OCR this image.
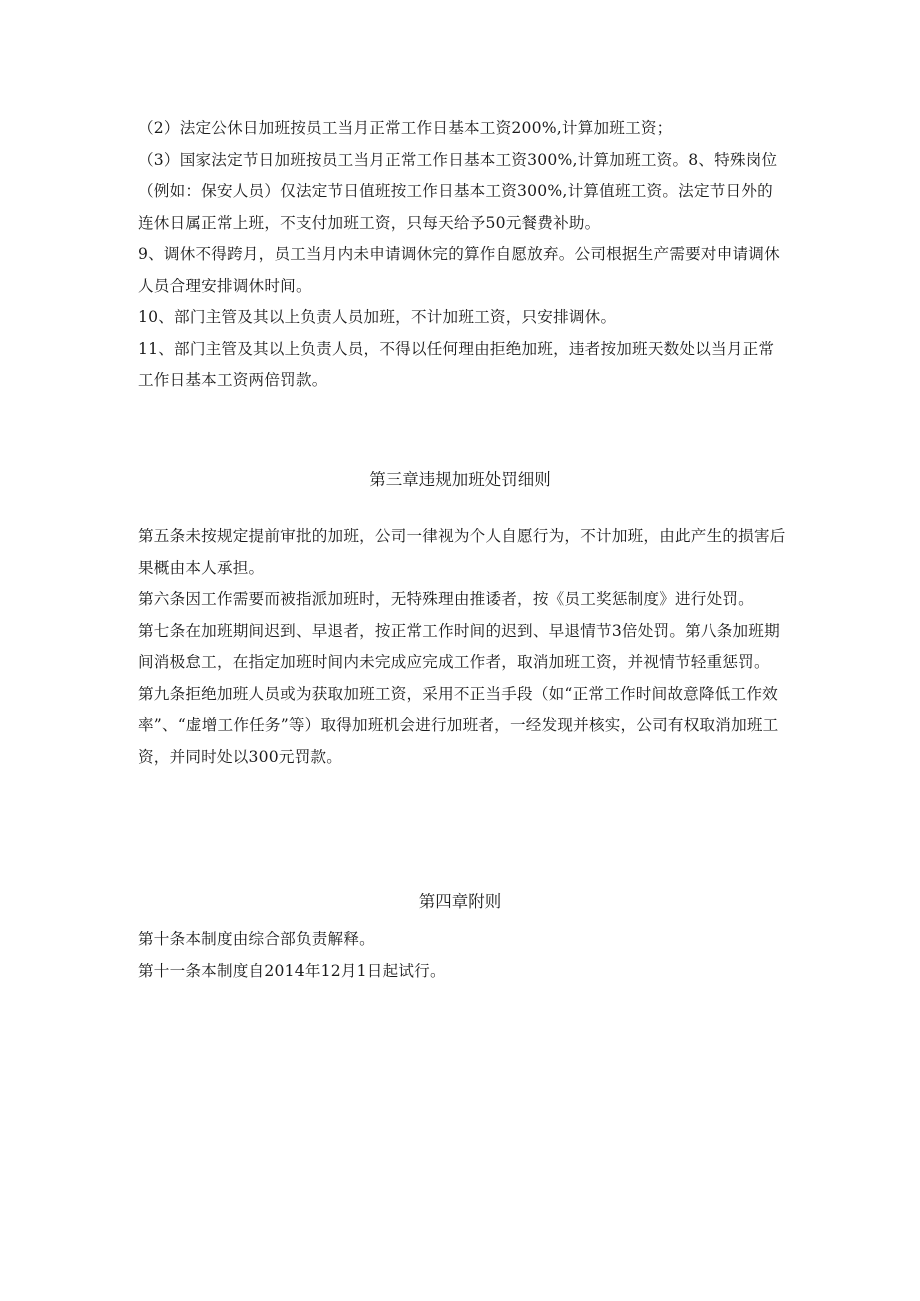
（2）法定公休日加班按员工当月正常工作日基本工资200%,计算加班工资；

（3）国家法定节日加班按员工当月正常工作日基本工资300%,计算加班工资。8、特殊岗位（例如：保安人员）仅法定节日值班按工作日基本工资300%,计算值班工资。法定节日外的连休日属正常上班，不支付加班工资，只每天给予50元餐费补助。

9、调休不得跨月，员工当月内未申请调休完的算作自愿放弃。公司根据生产需要对申请调休人员合理安排调休时间。

10、部门主管及其以上负责人员加班，不计加班工资，只安排调休。

11、部门主管及其以上负责人员，不得以任何理由拒绝加班，违者按加班天数处以当月正常工作日基本工资两倍罚款。

第三章违规加班处罚细则

第五条未按规定提前审批的加班，公司一律视为个人自愿行为，不计加班，由此产生的损害后果概由本人承担。

第六条因工作需要而被指派加班时，无特殊理由推诿者，按《员工奖惩制度》进行处罚。

第七条在加班期间迟到、早退者，按正常工作时间的迟到、早退情节3倍处罚。第八条加班期间消极怠工，在指定加班时间内未完成应完成工作者，取消加班工资，并视情节轻重惩罚。

第九条拒绝加班人员或为获取加班工资，采用不正当手段（如“正常工作时间故意降低工作效率”、“虚增工作任务”等）取得加班机会进行加班者，一经发现并核实，公司有权取消加班工资，并同时处以300元罚款。

第四章附则

第十条本制度由综合部负责解释。

第十一条本制度自2014年12月1日起试行。
